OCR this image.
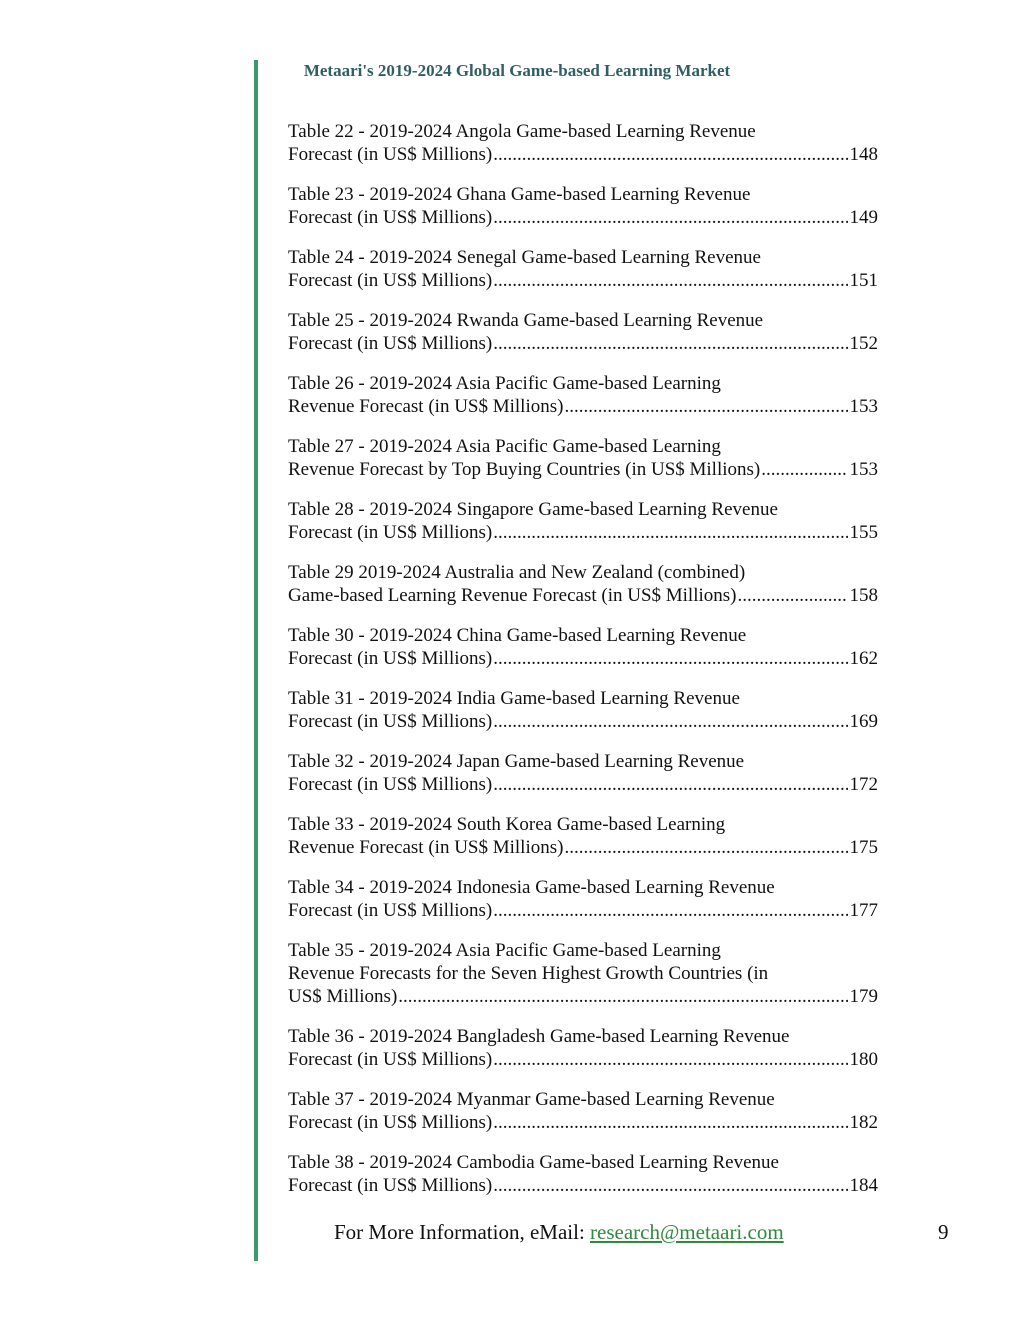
Metaari's 2019-2024 Global Game-based Learning Market
Table 22 - 2019-2024 Angola Game-based Learning Revenue
Forecast (in US$ Millions) .....	148
Table 23 - 2019-2024 Ghana Game-based Learning Revenue
Forecast (in US$ Millions) .....	149
Table 24 - 2019-2024 Senegal Game-based Learning Revenue
Forecast (in US$ Millions) .....	151
Table 25 - 2019-2024 Rwanda Game-based Learning Revenue
Forecast (in US$ Millions) .....	152
Table 26 - 2019-2024 Asia Pacific Game-based Learning
Revenue Forecast (in US$ Millions) .....	153
Table 27 - 2019-2024 Asia Pacific Game-based Learning
Revenue Forecast by Top Buying Countries (in US$ Millions) .....	153
Table 28 - 2019-2024 Singapore Game-based Learning Revenue
Forecast (in US$ Millions) .....	155
Table 29 2019-2024 Australia and New Zealand (combined)
Game-based Learning Revenue Forecast (in US$ Millions) .....	158
Table 30 - 2019-2024 China Game-based Learning Revenue
Forecast (in US$ Millions) .....	162
Table 31 - 2019-2024 India Game-based Learning Revenue
Forecast (in US$ Millions) .....	169
Table 32 - 2019-2024 Japan Game-based Learning Revenue
Forecast (in US$ Millions) .....	172
Table 33 - 2019-2024 South Korea Game-based Learning
Revenue Forecast (in US$ Millions) .....	175
Table 34 - 2019-2024 Indonesia Game-based Learning Revenue
Forecast (in US$ Millions) .....	177
Table 35 - 2019-2024 Asia Pacific Game-based Learning
Revenue Forecasts for the Seven Highest Growth Countries (in
US$ Millions) .....	179
Table 36 - 2019-2024 Bangladesh Game-based Learning Revenue
Forecast (in US$ Millions) .....	180
Table 37 - 2019-2024 Myanmar Game-based Learning Revenue
Forecast (in US$ Millions) .....	182
Table 38 - 2019-2024 Cambodia Game-based Learning Revenue
Forecast (in US$ Millions) .....	184
For More Information, eMail: research@metaari.com	9
